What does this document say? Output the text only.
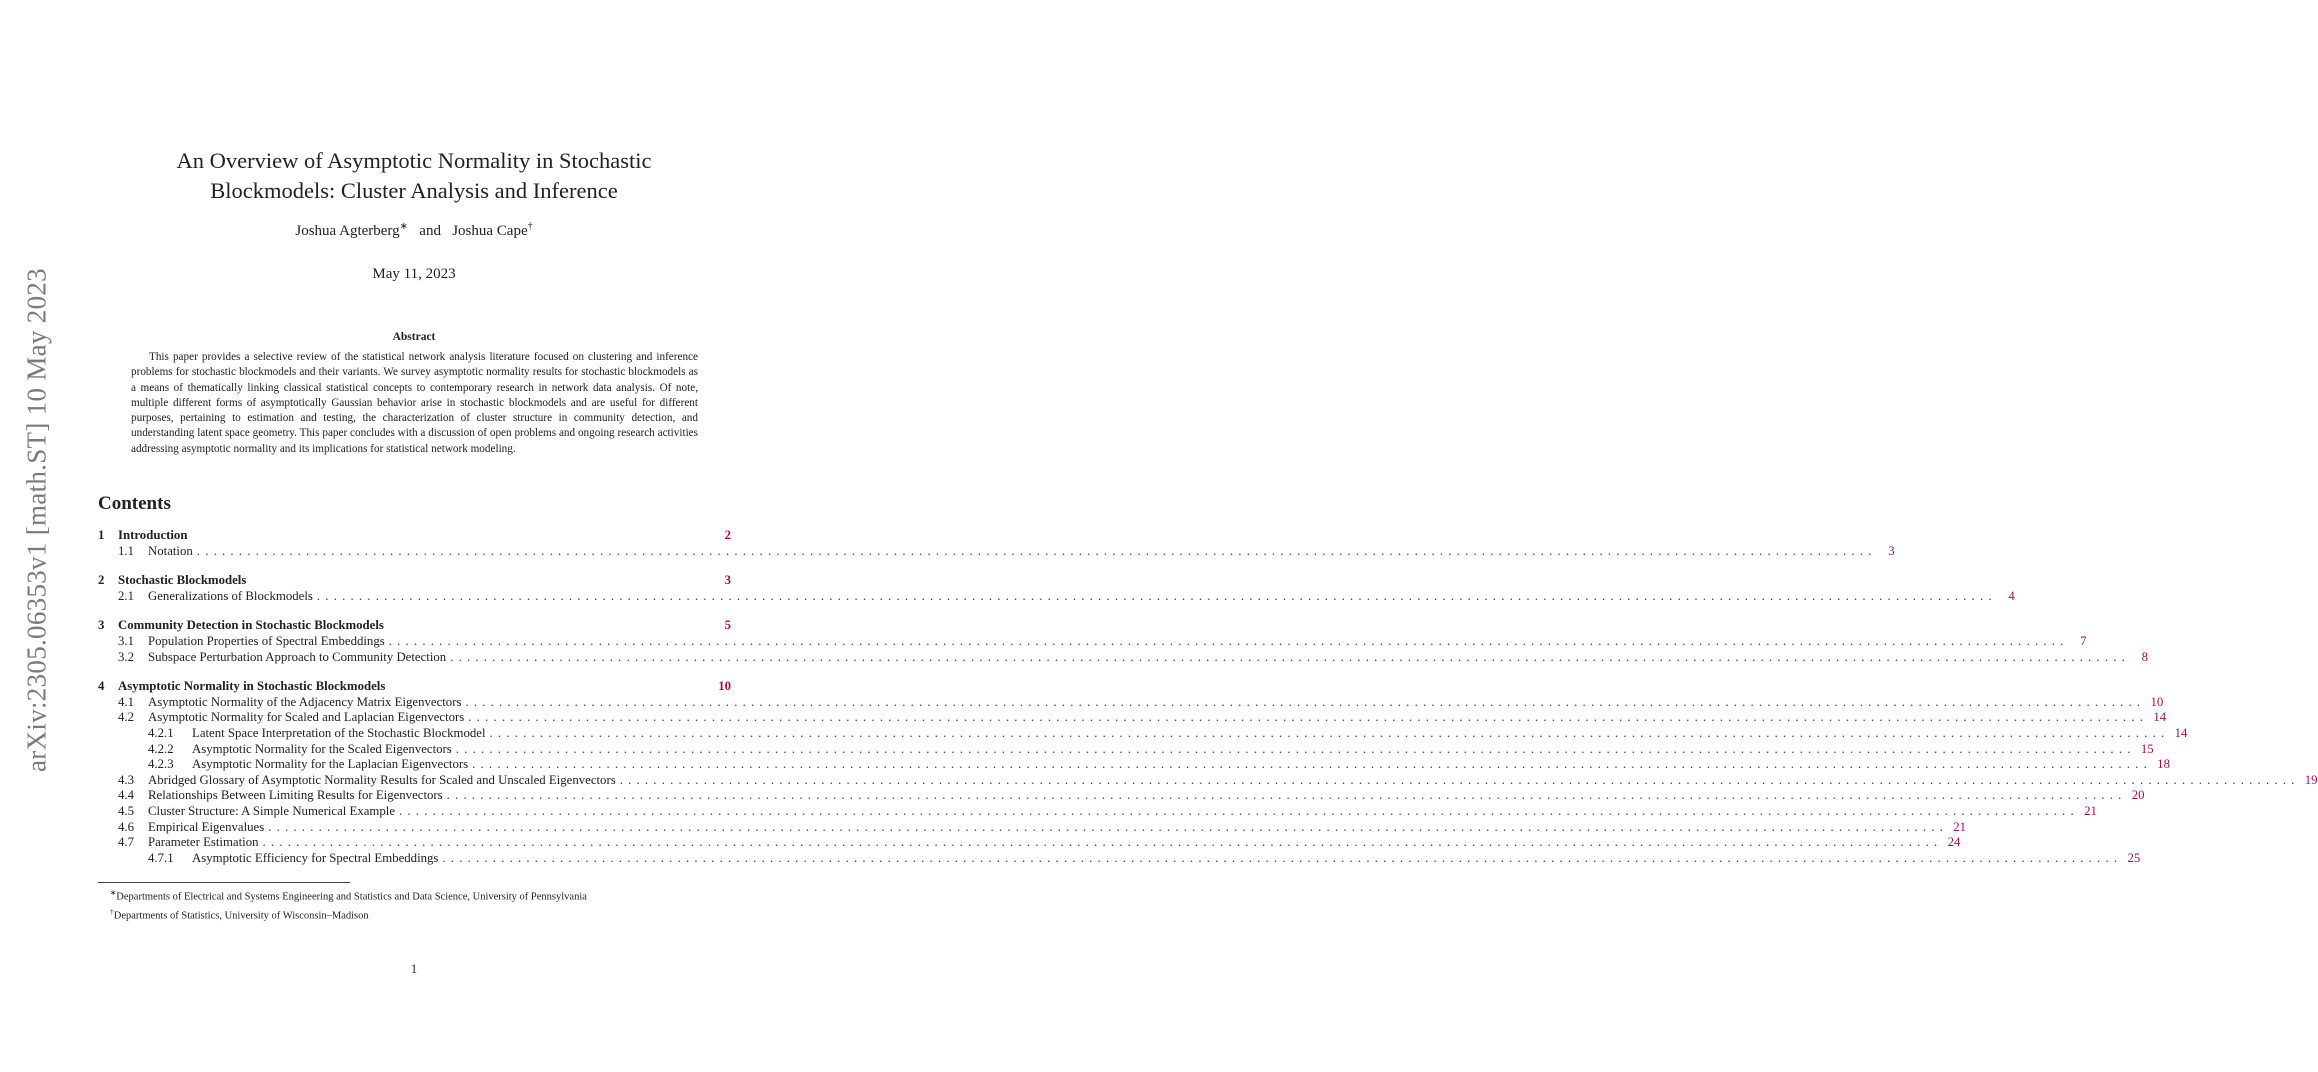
arXiv:2305.06353v1 [math.ST] 10 May 2023
An Overview of Asymptotic Normality in Stochastic
Blockmodels: Cluster Analysis and Inference
Joshua Agterberg∗ and Joshua Cape†
May 11, 2023
Abstract
This paper provides a selective review of the statistical network analysis literature focused on clustering and inference problems for stochastic blockmodels and their variants. We survey asymptotic normality results for stochastic blockmodels as a means of thematically linking classical statistical concepts to contemporary research in network data analysis. Of note, multiple different forms of asymptotically Gaussian behavior arise in stochastic blockmodels and are useful for different purposes, pertaining to estimation and testing, the characterization of cluster structure in community detection, and understanding latent space geometry. This paper concludes with a discussion of open problems and ongoing research activities addressing asymptotic normality and its implications for statistical network modeling.
Contents
1	Introduction	2
1.1	Notation ........................................................................................................................................................................................................ 3
2	Stochastic Blockmodels	3
2.1	Generalizations of Blockmodels ........................................................................................................................................................................................................ 4
3	Community Detection in Stochastic Blockmodels	5
3.1	Population Properties of Spectral Embeddings ........................................................................................................................................................................................................ 7
3.2	Subspace Perturbation Approach to Community Detection ........................................................................................................................................................................................................ 8
4	Asymptotic Normality in Stochastic Blockmodels	10
4.1	Asymptotic Normality of the Adjacency Matrix Eigenvectors ........................................................................................................................................................................................................ 10
4.2	Asymptotic Normality for Scaled and Laplacian Eigenvectors ........................................................................................................................................................................................................ 14
4.2.1	Latent Space Interpretation of the Stochastic Blockmodel ........................................................................................................................................................................................................ 14
4.2.2	Asymptotic Normality for the Scaled Eigenvectors ........................................................................................................................................................................................................ 15
4.2.3	Asymptotic Normality for the Laplacian Eigenvectors ........................................................................................................................................................................................................ 18
4.3	Abridged Glossary of Asymptotic Normality Results for Scaled and Unscaled Eigenvectors ........................................................................................................................................................................................................ 19
4.4	Relationships Between Limiting Results for Eigenvectors ........................................................................................................................................................................................................ 20
4.5	Cluster Structure: A Simple Numerical Example ........................................................................................................................................................................................................ 21
4.6	Empirical Eigenvalues ........................................................................................................................................................................................................ 21
4.7	Parameter Estimation ........................................................................................................................................................................................................ 24
4.7.1	Asymptotic Efficiency for Spectral Embeddings ........................................................................................................................................................................................................ 25
∗Departments of Electrical and Systems Engineering and Statistics and Data Science, University of Pennsylvania
†Departments of Statistics, University of Wisconsin–Madison
1
